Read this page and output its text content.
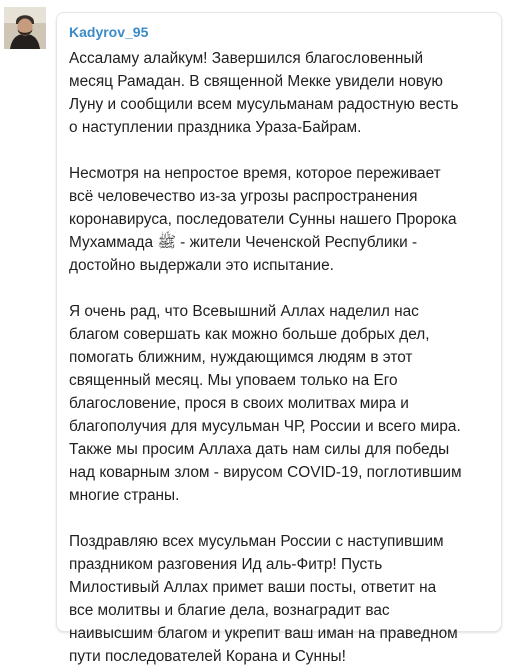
Kadyrov_95

Ассаламу алайкум! Завершился благословенный
месяц Рамадан. В священной Мекке увидели новую
Луну и сообщили всем мусульманам радостную весть
о наступлении праздника Ураза-Байрам.

Несмотря на непростое время, которое переживает
всё человечество из-за угрозы распространения
коронавируса, последователи Сунны нашего Пророка
Мухаммада ﷺ - жители Чеченской Республики -
достойно выдержали это испытание.

Я очень рад, что Всевышний Аллах наделил нас
благом совершать как можно больше добрых дел,
помогать ближним, нуждающимся людям в этот
священный месяц. Мы уповаем только на Его
благословение, прося в своих молитвах мира и
благополучия для мусульман ЧР, России и всего мира.
Также мы просим Аллаха дать нам силы для победы
над коварным злом - вирусом COVID-19, поглотившим
многие страны.

Поздравляю всех мусульман России с наступившим
праздником разговения Ид аль-Фитр! Пусть
Милостивый Аллах примет ваши посты, ответит на
все молитвы и благие дела, вознаградит вас
наивысшим благом и укрепит ваш иман на праведном
пути последователей Корана и Сунны!
